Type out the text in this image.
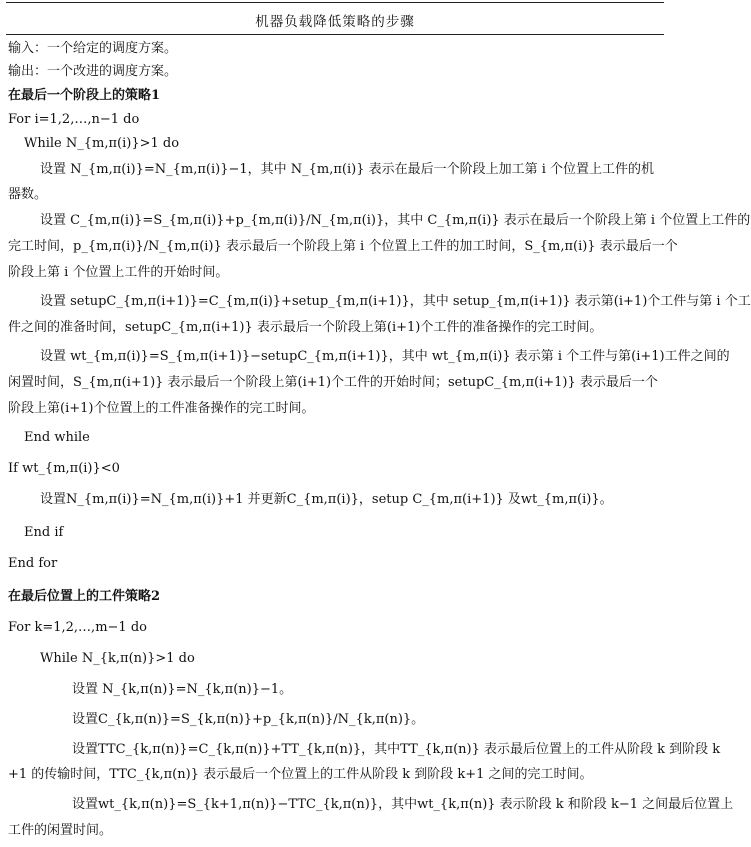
机器负载降低策略的步骤
输入：一个给定的调度方案。
输出：一个改进的调度方案。
在最后一个阶段上的策略1
For i=1,2,…,n−1 do
While N_{m,π(i)}>1 do
设置 N_{m,π(i)}=N_{m,π(i)}−1，其中 N_{m,π(i)} 表示在最后一个阶段上加工第 i 个位置上工件的机
器数。
设置 C_{m,π(i)}=S_{m,π(i)}+p_{m,π(i)}/N_{m,π(i)}，其中 C_{m,π(i)} 表示在最后一个阶段上第 i 个位置上工件的
完工时间，p_{m,π(i)}/N_{m,π(i)} 表示最后一个阶段上第 i 个位置上工件的加工时间，S_{m,π(i)} 表示最后一个
阶段上第 i 个位置上工件的开始时间。
设置 setupC_{m,π(i+1)}=C_{m,π(i)}+setup_{m,π(i+1)}，其中 setup_{m,π(i+1)} 表示第(i+1)个工件与第 i 个工
件之间的准备时间，setupC_{m,π(i+1)} 表示最后一个阶段上第(i+1)个工件的准备操作的完工时间。
设置 wt_{m,π(i)}=S_{m,π(i+1)}−setupC_{m,π(i+1)}，其中 wt_{m,π(i)} 表示第 i 个工件与第(i+1)工件之间的
闲置时间，S_{m,π(i+1)} 表示最后一个阶段上第(i+1)个工件的开始时间；setupC_{m,π(i+1)} 表示最后一个
阶段上第(i+1)个位置上的工件准备操作的完工时间。
End while
If wt_{m,π(i)}<0
设置N_{m,π(i)}=N_{m,π(i)}+1 并更新C_{m,π(i)}，setup C_{m,π(i+1)} 及wt_{m,π(i)}。
End if
End for
在最后位置上的工件策略2
For k=1,2,…,m−1 do
While N_{k,π(n)}>1 do
设置 N_{k,π(n)}=N_{k,π(n)}−1。
设置C_{k,π(n)}=S_{k,π(n)}+p_{k,π(n)}/N_{k,π(n)}。
设置TTC_{k,π(n)}=C_{k,π(n)}+TT_{k,π(n)}，其中TT_{k,π(n)} 表示最后位置上的工件从阶段 k 到阶段 k
+1 的传输时间，TTC_{k,π(n)} 表示最后一个位置上的工件从阶段 k 到阶段 k+1 之间的完工时间。
设置wt_{k,π(n)}=S_{k+1,π(n)}−TTC_{k,π(n)}，其中wt_{k,π(n)} 表示阶段 k 和阶段 k−1 之间最后位置上
工件的闲置时间。
